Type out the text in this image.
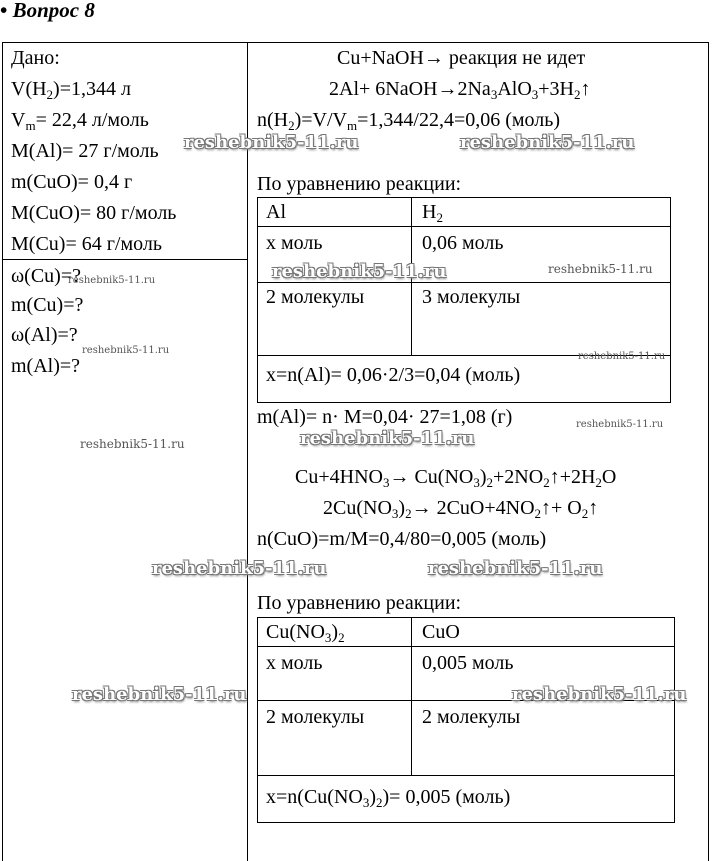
• Вопрос 8
Дано:
$V(H_2)=1,344$ л
$V_m= 22,4$ л/моль
M(Al)= 27 г/моль
m(CuO)= 0,4 г
M(CuO)= 80 г/моль
M(Cu)= 64 г/моль
ω(Cu)=?
m(Cu)=?
ω(Al)=?
m(Al)=?
Cu+NaOH→ реакция не идет
$2Al+ 6NaOH\to 2Na_3AlO_3+3H_2↑$
$n(H_2)=V/V_m=1,344/22,4=0,06$ (моль)
По уравнению реакции:
Al	$H_2$
x моль	0,06 моль
2 молекулы	3 молекулы
x=n(Al)= 0,06·2/3=0,04 (моль)
m(Al)= n· M=0,04· 27=1,08 (г)
$Cu+4HNO_3\to$ $Cu(NO_3)_2+2NO_2↑+2H_2O$
$2Cu(NO_3)_2\to$ $2CuO+4NO_2↑+$ $O_2↑$
n(CuO)=m/M=0,4/80=0,005 (моль)
По уравнению реакции:
$Cu(NO_3)_2$	CuO
x моль	0,005 моль
2 молекулы	2 молекулы
$x=n(Cu(NO_3)_2)= 0,005$ (моль)
reshebnik5-11.ru	reshebnik5-11.ru
reshebnik5-11.ru	reshebnik5-11.ru
reshebnik5-11.ru
reshebnik5-11.ru
reshebnik5-11.ru
reshebnik5-11.ru
reshebnik5-11.ru	reshebnik5-11.ru
reshebnik5-11.ru	reshebnik5-11.ru
reshebnik5-11.ru	reshebnik5-11.ru
